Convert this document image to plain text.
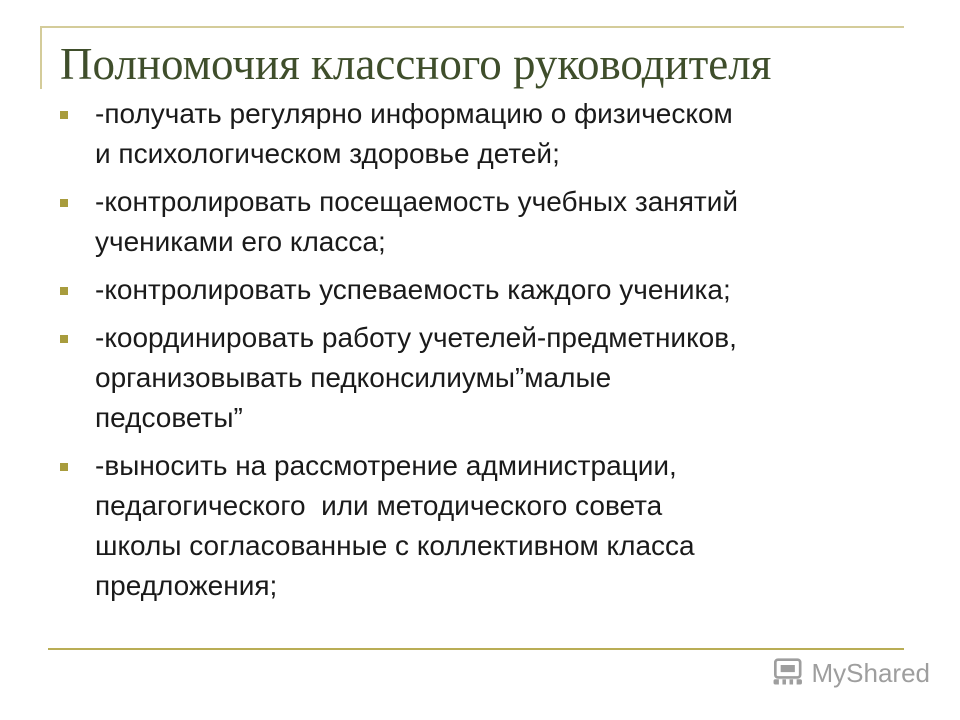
Полномочия классного руководителя
-получать регулярно информацию о физическом
и психологическом здоровье детей;
-контролировать посещаемость учебных занятий
учениками его класса;
-контролировать успеваемость каждого ученика;
-координировать работу учетелей-предметников,
организовывать педконсилиумы”малые
педсоветы”
-выносить на рассмотрение администрации,
педагогического  или методического совета
школы согласованные с коллективном класса
предложения;
MyShared
